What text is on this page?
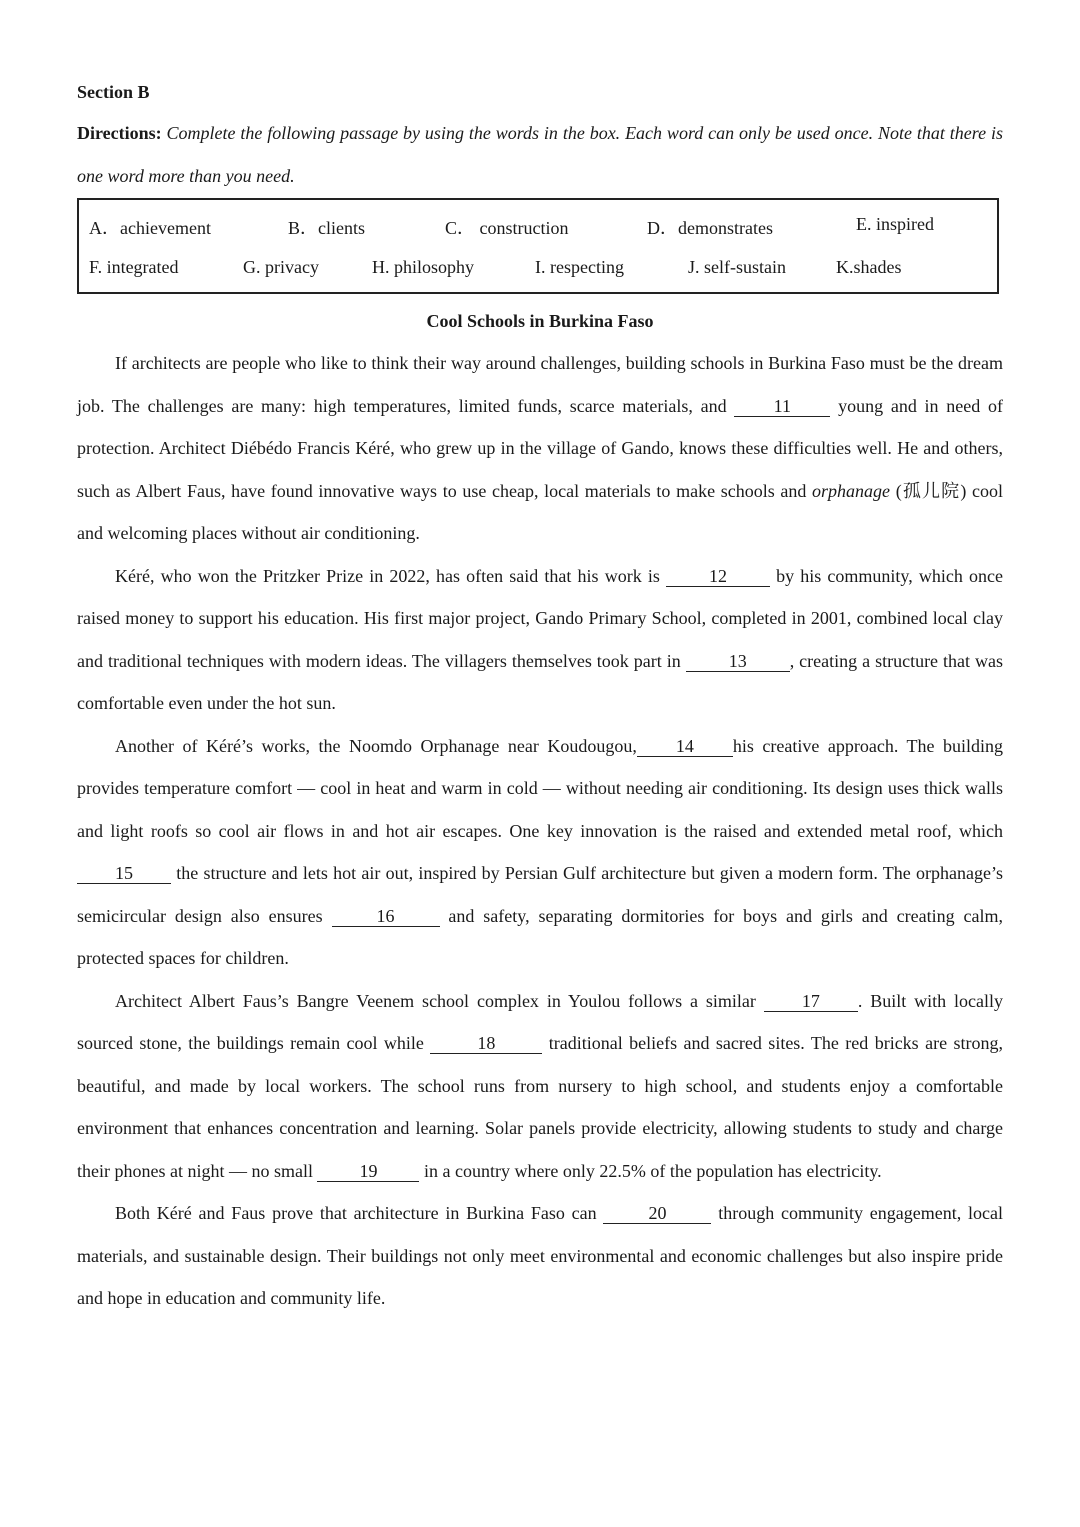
Section B
Directions: Complete the following passage by using the words in the box. Each word can only be used once. Note that there is one word more than you need.
A．achievement	B．clients	C． construction	D．demonstrates	E. inspired
F. integrated	G. privacy	H. philosophy	I. respecting	J. self-sustain	K.shades
Cool Schools in Burkina Faso

If architects are people who like to think their way around challenges, building schools in Burkina Faso must be the dream job. The challenges are many: high temperatures, limited funds, scarce materials, and 11 young and in need of protection. Architect Diébédo Francis Kéré, who grew up in the village of Gando, knows these difficulties well. He and others, such as Albert Faus, have found innovative ways to use cheap, local materials to make schools and orphanage (孤儿院) cool and welcoming places without air conditioning.

Kéré, who won the Pritzker Prize in 2022, has often said that his work is 12 by his community, which once raised money to support his education. His first major project, Gando Primary School, completed in 2001, combined local clay and traditional techniques with modern ideas. The villagers themselves took part in 13 , creating a structure that was comfortable even under the hot sun.

Another of Kéré’s works, the Noomdo Orphanage near Koudougou, 14 his creative approach. The building provides temperature comfort — cool in heat and warm in cold — without needing air conditioning. Its design uses thick walls and light roofs so cool air flows in and hot air escapes. One key innovation is the raised and extended metal roof, which 15 the structure and lets hot air out, inspired by Persian Gulf architecture but given a modern form. The orphanage’s semicircular design also ensures	16	and safety, separating dormitories for boys and girls and creating calm, protected spaces for children.

Architect Albert Faus’s Bangre Veenem school complex in Youlou follows a similar 17 . Built with locally sourced stone, the buildings remain cool while	18	traditional beliefs and sacred sites. The red bricks are strong, beautiful, and made by local workers. The school runs from nursery to high school, and students enjoy a comfortable environment that enhances concentration and learning. Solar panels provide electricity, allowing students to study and charge their phones at night — no small 19 in a country where only 22.5% of the population has electricity.

Both Kéré and Faus prove that architecture in Burkina Faso can	20	through community engagement, local materials, and sustainable design. Their buildings not only meet environmental and economic challenges but also inspire pride and hope in education and community life.
